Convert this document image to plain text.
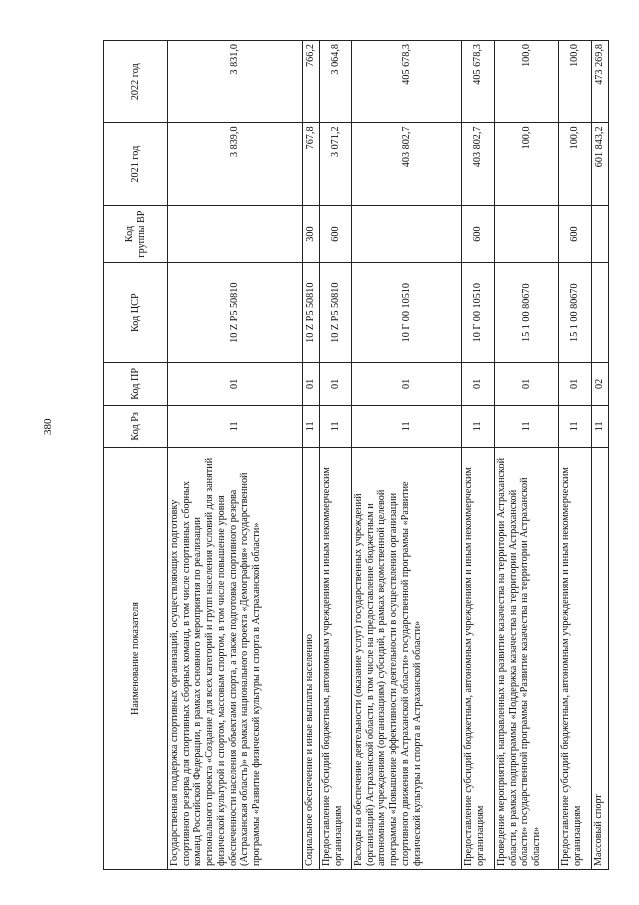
380
Наименование показателя	Код Рз	Код ПР	Код ЦСР	Код группы ВР	2021 год	2022 год
Государственная поддержка спортивных организаций, осуществляющих подготовку спортивного резерва для спортивных сборных команд, в том числе спортивных сборных команд Российской Федерации, в рамках основного мероприятия по реализации регионального проекта «Создание для всех категорий и групп населения условий для занятий физической культурой и спортом, массовым спортом, в том числе повышение уровня обеспеченности населения объектами спорта, а также подготовка спортивного резерва (Астраханская область)» в рамках национального проекта «Демография» государственной программы «Развитие физической культуры и спорта в Астраханской области»	11	01	10 Z P5 50810		3 839,0	3 831,0
Социальное обеспечение и иные выплаты населению	11	01	10 Z P5 50810	300	767,8	766,2
Предоставление субсидий бюджетным, автономным учреждениям и иным некоммерческим организациям	11	01	10 Z P5 50810	600	3 071,2	3 064,8
Расходы на обеспечение деятельности (оказание услуг) государственных учреждений (организаций) Астраханской области, в том числе на предоставление бюджетным и автономным учреждениям (организациям) субсидий, в рамках ведомственной целевой программы «Повышение эффективности деятельности в осуществлении организации спортивного движения в Астраханской области» государственной программы «Развитие физической культуры и спорта в Астраханской области»	11	01	10 Г 00 10510		403 802,7	405 678,3
Предоставление субсидий бюджетным, автономным учреждениям и иным некоммерческим организациям	11	01	10 Г 00 10510	600	403 802,7	405 678,3
Проведение мероприятий, направленных на развитие казачества на территории Астраханской области, в рамках подпрограммы «Поддержка казачества на территории Астраханской области» государственной программы «Развитие казачества на территории Астраханской области»	11	01	15 1 00 80670		100,0	100,0
Предоставление субсидий бюджетным, автономным учреждениям и иным некоммерческим организациям	11	01	15 1 00 80670	600	100,0	100,0
Массовый спорт	11	02			601 843,2	473 269,8
